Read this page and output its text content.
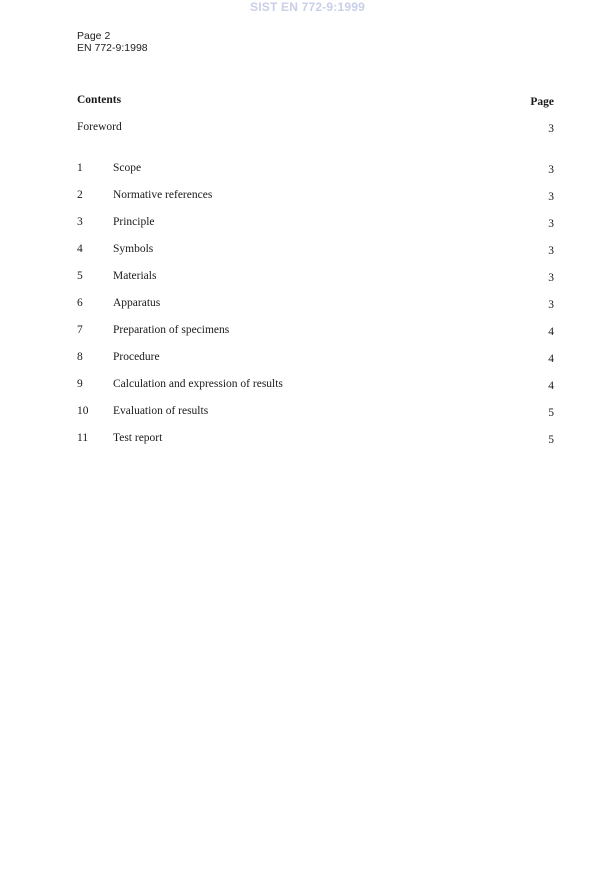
SIST EN 772-9:1999
Page 2
EN 772-9:1998
Contents	Page
Foreword	3
1	Scope	3
2	Normative references	3
3	Principle	3
4	Symbols	3
5	Materials	3
6	Apparatus	3
7	Preparation of specimens	4
8	Procedure	4
9	Calculation and expression of results	4
10 Evaluation of results	5
11 Test report	5
